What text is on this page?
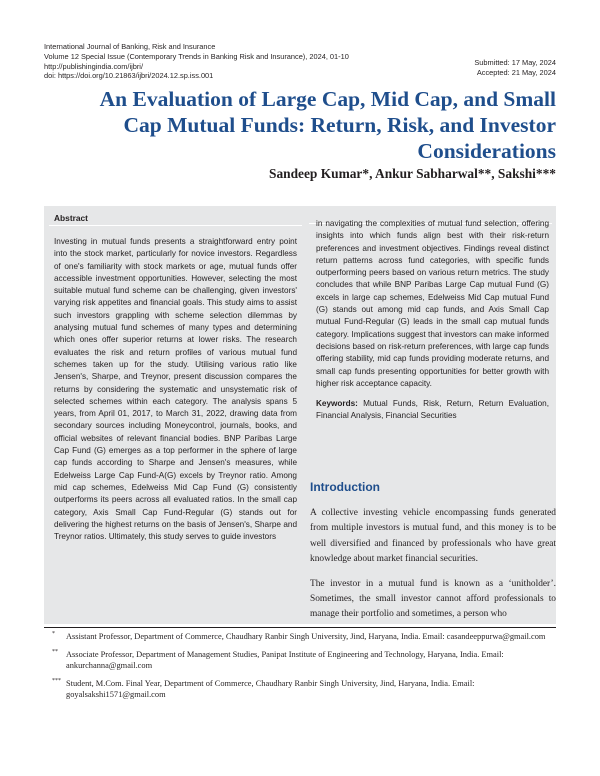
International Journal of Banking, Risk and Insurance
Volume 12 Special Issue (Contemporary Trends in Banking Risk and Insurance), 2024, 01-10
http://publishingindia.com/ijbri/
doi: https://doi.org/10.21863/ijbri/2024.12.sp.iss.001
Submitted: 17 May, 2024
Accepted: 21 May, 2024
An Evaluation of Large Cap, Mid Cap, and Small
Cap Mutual Funds: Return, Risk, and Investor
Considerations
Sandeep Kumar*, Ankur Sabharwal**, Sakshi***
Abstract
Investing in mutual funds presents a straightforward entry point into the stock market, particularly for novice investors. Regardless of one's familiarity with stock markets or age, mutual funds offer accessible investment opportunities. However, selecting the most suitable mutual fund scheme can be challenging, given investors' varying risk appetites and financial goals. This study aims to assist such investors grappling with scheme selection dilemmas by analysing mutual fund schemes of many types and determining which ones offer superior returns at lower risks. The research evaluates the risk and return profiles of various mutual fund schemes taken up for the study. Utilising various ratio like Jensen's, Sharpe, and Treynor, present discussion compares the returns by considering the systematic and unsystematic risk of selected schemes within each category. The analysis spans 5 years, from April 01, 2017, to March 31, 2022, drawing data from secondary sources including Moneycontrol, journals, books, and official websites of relevant financial bodies. BNP Paribas Large Cap Fund (G) emerges as a top performer in the sphere of large cap funds according to Sharpe and Jensen's measures, while Edelweiss Large Cap Fund-A(G) excels by Treynor ratio. Among mid cap schemes, Edelweiss Mid Cap Fund (G) consistently outperforms its peers across all evaluated ratios. In the small cap category, Axis Small Cap Fund-Regular (G) stands out for delivering the highest returns on the basis of Jensen's, Sharpe and Treynor ratios. Ultimately, this study serves to guide investors
in navigating the complexities of mutual fund selection, offering insights into which funds align best with their risk-return preferences and investment objectives. Findings reveal distinct return patterns across fund categories, with specific funds outperforming peers based on various return metrics. The study concludes that while BNP Paribas Large Cap mutual Fund (G) excels in large cap schemes, Edelweiss Mid Cap mutual Fund (G) stands out among mid cap funds, and Axis Small Cap mutual Fund-Regular (G) leads in the small cap mutual funds category. Implications suggest that investors can make informed decisions based on risk-return preferences, with large cap funds offering stability, mid cap funds providing moderate returns, and small cap funds presenting opportunities for better growth with higher risk acceptance capacity.
Keywords: Mutual Funds, Risk, Return, Return Evaluation, Financial Analysis, Financial Securities
Introduction

A collective investing vehicle encompassing funds generated from multiple investors is mutual fund, and this money is to be well diversified and financed by professionals who have great knowledge about market financial securities.

The investor in a mutual fund is known as a ‘unitholder’. Sometimes, the small investor cannot afford professionals to manage their portfolio and sometimes, a person who

* Assistant Professor, Department of Commerce, Chaudhary Ranbir Singh University, Jind, Haryana, India. Email: casandeeppurwa@gmail.com
** Associate Professor, Department of Management Studies, Panipat Institute of Engineering and Technology, Haryana, India. Email: ankurchanna@gmail.com
*** Student, M.Com. Final Year, Department of Commerce, Chaudhary Ranbir Singh University, Jind, Haryana, India. Email: goyalsakshi1571@gmail.com
